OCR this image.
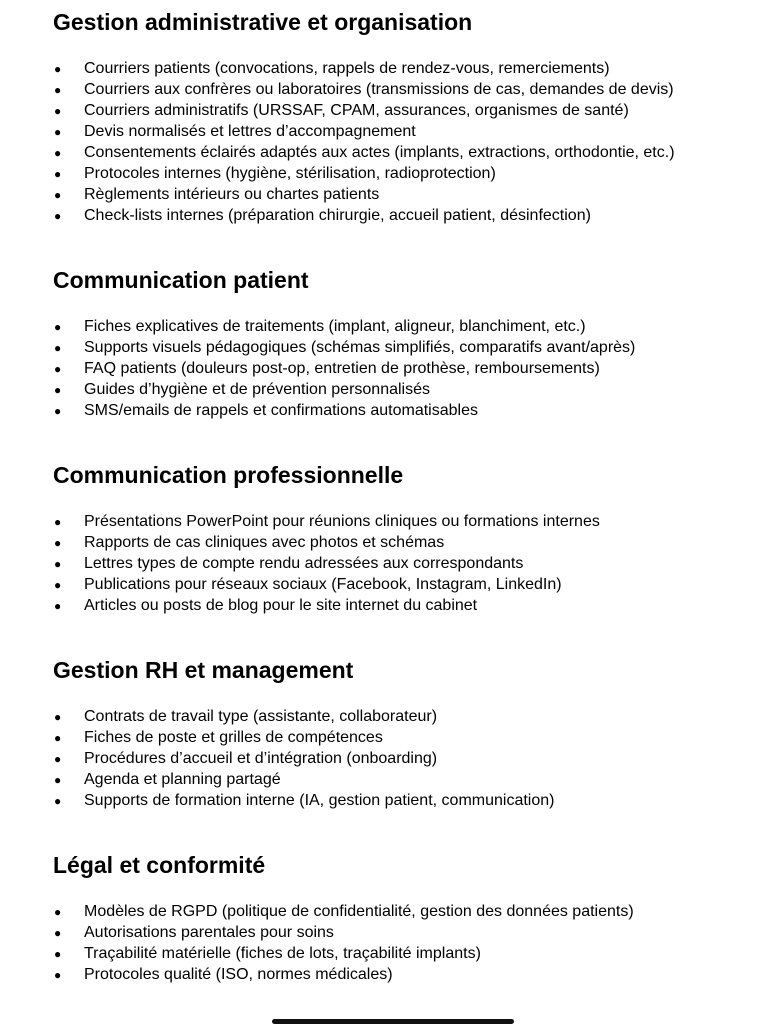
Gestion administrative et organisation
● Courriers patients (convocations, rappels de rendez-vous, remerciements)
● Courriers aux confrères ou laboratoires (transmissions de cas, demandes de devis)
● Courriers administratifs (URSSAF, CPAM, assurances, organismes de santé)
● Devis normalisés et lettres d’accompagnement
● Consentements éclairés adaptés aux actes (implants, extractions, orthodontie, etc.)
● Protocoles internes (hygiène, stérilisation, radioprotection)
● Règlements intérieurs ou chartes patients
● Check-lists internes (préparation chirurgie, accueil patient, désinfection)
Communication patient
● Fiches explicatives de traitements (implant, aligneur, blanchiment, etc.)
● Supports visuels pédagogiques (schémas simplifiés, comparatifs avant/après)
● FAQ patients (douleurs post-op, entretien de prothèse, remboursements)
● Guides d’hygiène et de prévention personnalisés
● SMS/emails de rappels et confirmations automatisables
Communication professionnelle
● Présentations PowerPoint pour réunions cliniques ou formations internes
● Rapports de cas cliniques avec photos et schémas
● Lettres types de compte rendu adressées aux correspondants
● Publications pour réseaux sociaux (Facebook, Instagram, LinkedIn)
● Articles ou posts de blog pour le site internet du cabinet
Gestion RH et management
● Contrats de travail type (assistante, collaborateur)
● Fiches de poste et grilles de compétences
● Procédures d’accueil et d’intégration (onboarding)
● Agenda et planning partagé
● Supports de formation interne (IA, gestion patient, communication)
Légal et conformité
● Modèles de RGPD (politique de confidentialité, gestion des données patients)
● Autorisations parentales pour soins
● Traçabilité matérielle (fiches de lots, traçabilité implants)
● Protocoles qualité (ISO, normes médicales)
